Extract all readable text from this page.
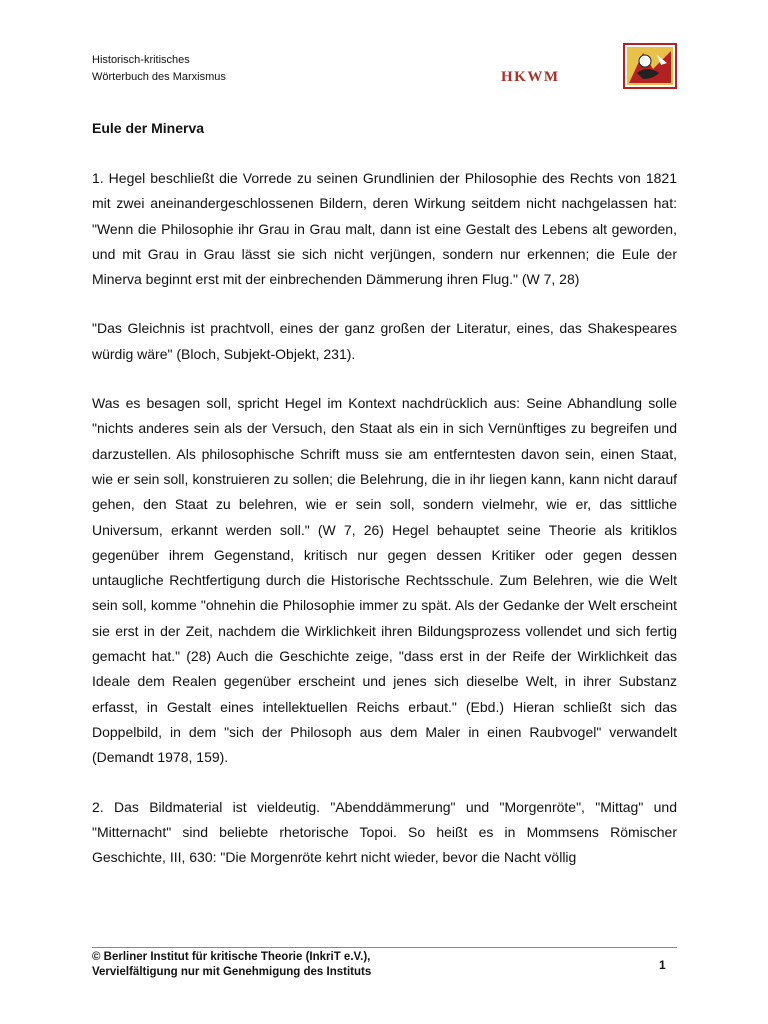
Historisch-kritisches
Wörterbuch des Marxismus	HKWM
Eule der Minerva

1. Hegel beschließt die Vorrede zu seinen Grundlinien der Philosophie des Rechts von 1821 mit zwei aneinandergeschlossenen Bildern, deren Wirkung seitdem nicht nachgelassen hat: "Wenn die Philosophie ihr Grau in Grau malt, dann ist eine Gestalt des Lebens alt geworden, und mit Grau in Grau lässt sie sich nicht verjüngen, sondern nur erkennen; die Eule der Minerva beginnt erst mit der einbrechenden Dämmerung ihren Flug." (W 7, 28)

"Das Gleichnis ist prachtvoll, eines der ganz großen der Literatur, eines, das Shakespeares würdig wäre" (Bloch, Subjekt-Objekt, 231).

Was es besagen soll, spricht Hegel im Kontext nachdrücklich aus: Seine Abhandlung solle "nichts anderes sein als der Versuch, den Staat als ein in sich Vernünftiges zu begreifen und darzustellen. Als philosophische Schrift muss sie am entferntesten davon sein, einen Staat, wie er sein soll, konstruieren zu sollen; die Belehrung, die in ihr liegen kann, kann nicht darauf gehen, den Staat zu belehren, wie er sein soll, sondern vielmehr, wie er, das sittliche Universum, erkannt werden soll." (W 7, 26) Hegel behauptet seine Theorie als kritiklos gegenüber ihrem Gegenstand, kritisch nur gegen dessen Kritiker oder gegen dessen untaugliche Rechtfertigung durch die Historische Rechtsschule. Zum Belehren, wie die Welt sein soll, komme "ohnehin die Philosophie immer zu spät. Als der Gedanke der Welt erscheint sie erst in der Zeit, nachdem die Wirklichkeit ihren Bildungsprozess vollendet und sich fertig gemacht hat." (28) Auch die Geschichte zeige, "dass erst in der Reife der Wirklichkeit das Ideale dem Realen gegenüber erscheint und jenes sich dieselbe Welt, in ihrer Substanz erfasst, in Gestalt eines intellektuellen Reichs erbaut." (Ebd.) Hieran schließt sich das Doppelbild, in dem "sich der Philosoph aus dem Maler in einen Raubvogel" verwandelt (Demandt 1978, 159).

2. Das Bildmaterial ist vieldeutig. "Abenddämmerung" und "Morgenröte", "Mittag" und "Mitternacht" sind beliebte rhetorische Topoi. So heißt es in Mommsens Römischer Geschichte, III, 630: "Die Morgenröte kehrt nicht wieder, bevor die Nacht völlig

© Berliner Institut für kritische Theorie (InkriT e.V.),
Vervielfältigung nur mit Genehmigung des Instituts	1
